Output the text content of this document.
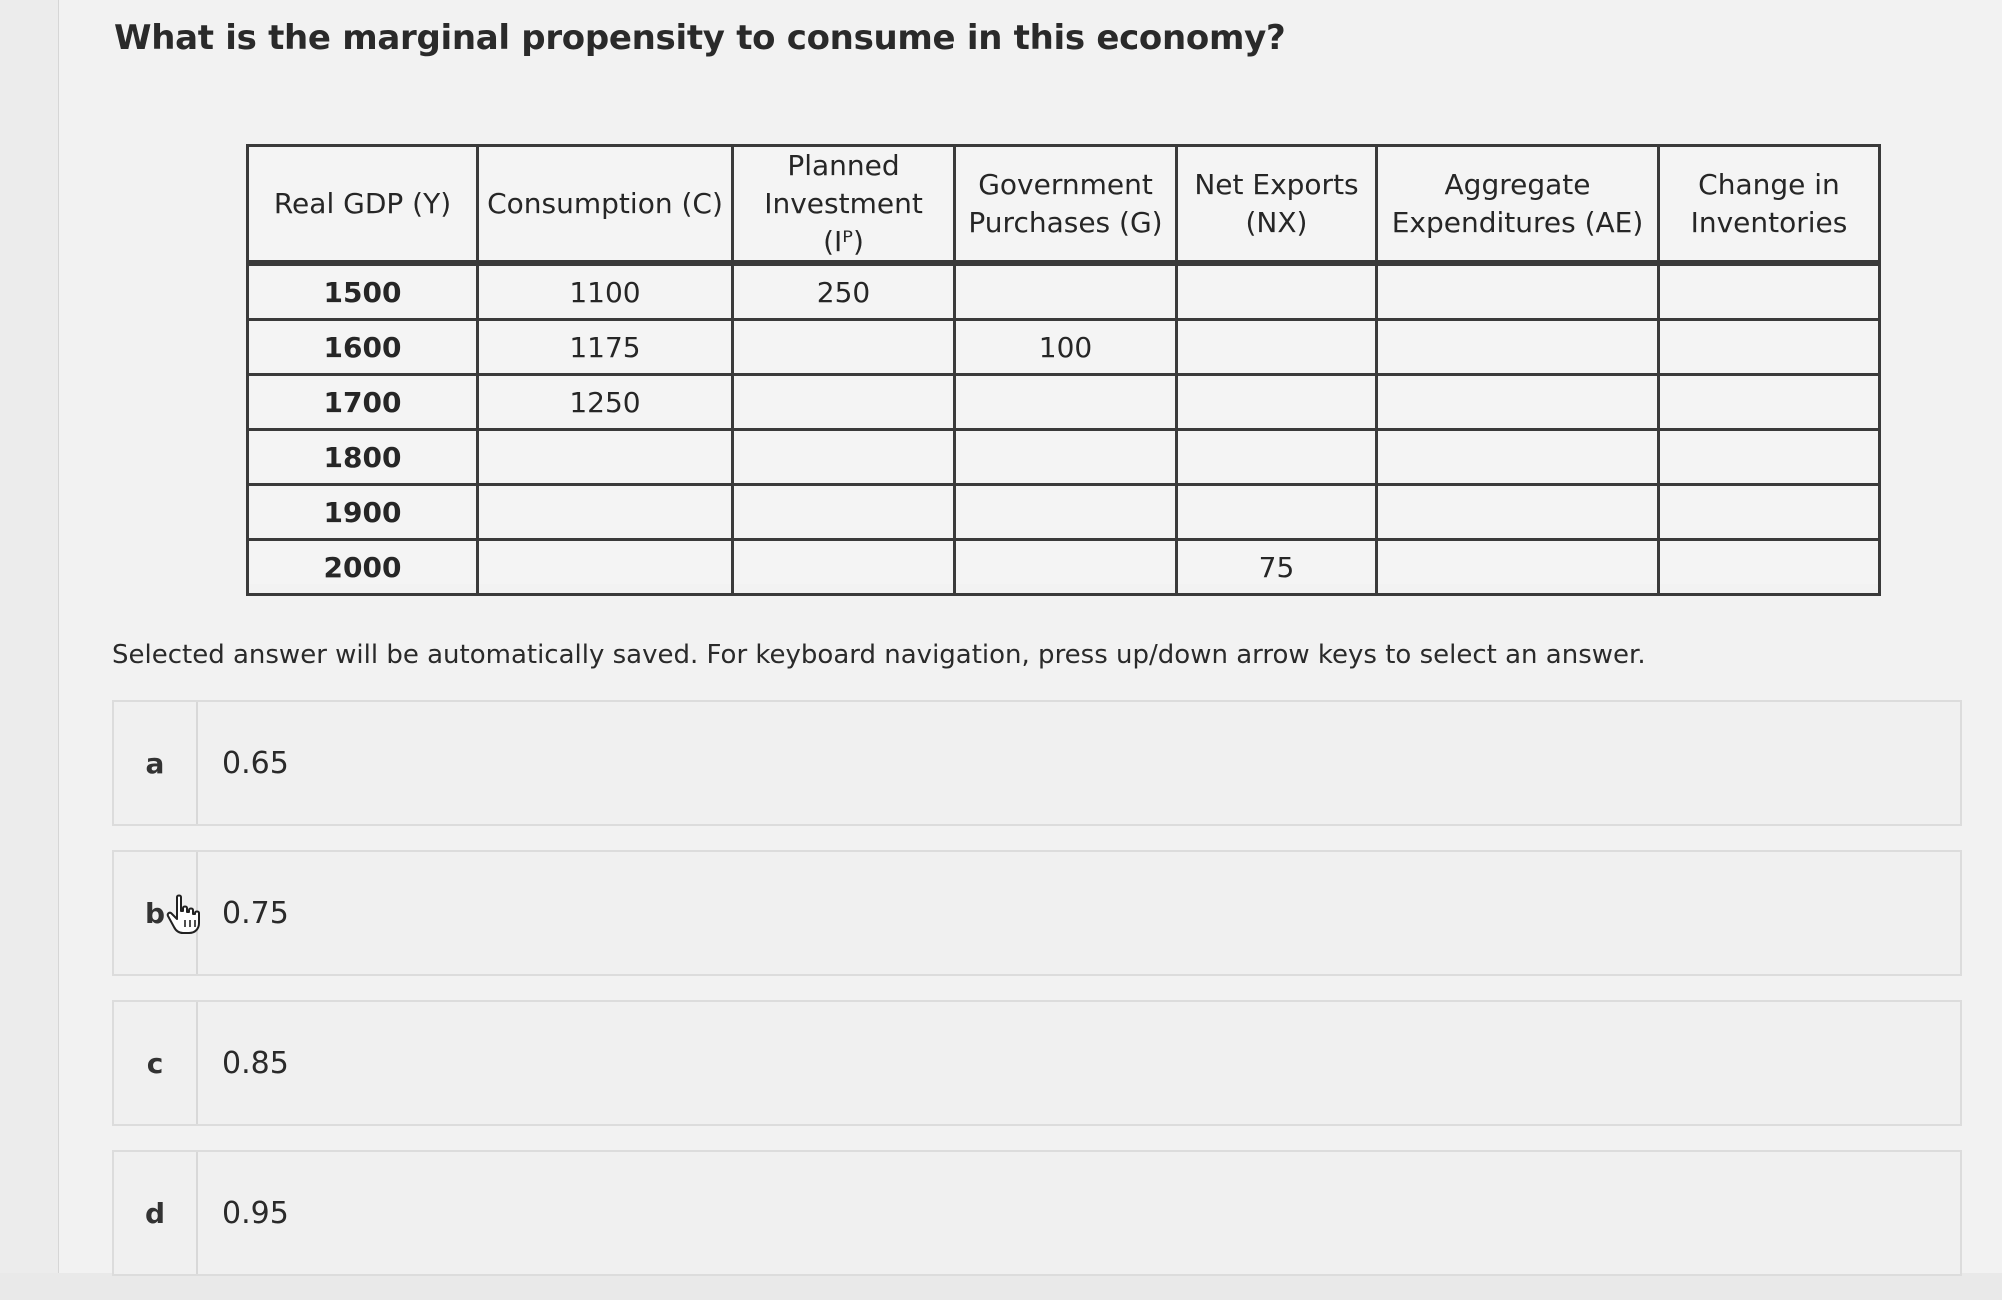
What is the marginal propensity to consume in this economy?
Real GDP (Y)	Consumption (C)	Planned Investment (Iᴾ)	Government Purchases (G)	Net Exports (NX)	Aggregate Expenditures (AE)	Change in Inventories
1500	1100	250				
1600	1175		100			
1700	1250					
1800						
1900						
2000				75		
Selected answer will be automatically saved. For keyboard navigation, press up/down arrow keys to select an answer.
a	0.65
b	0.75
c	0.85
d	0.95
